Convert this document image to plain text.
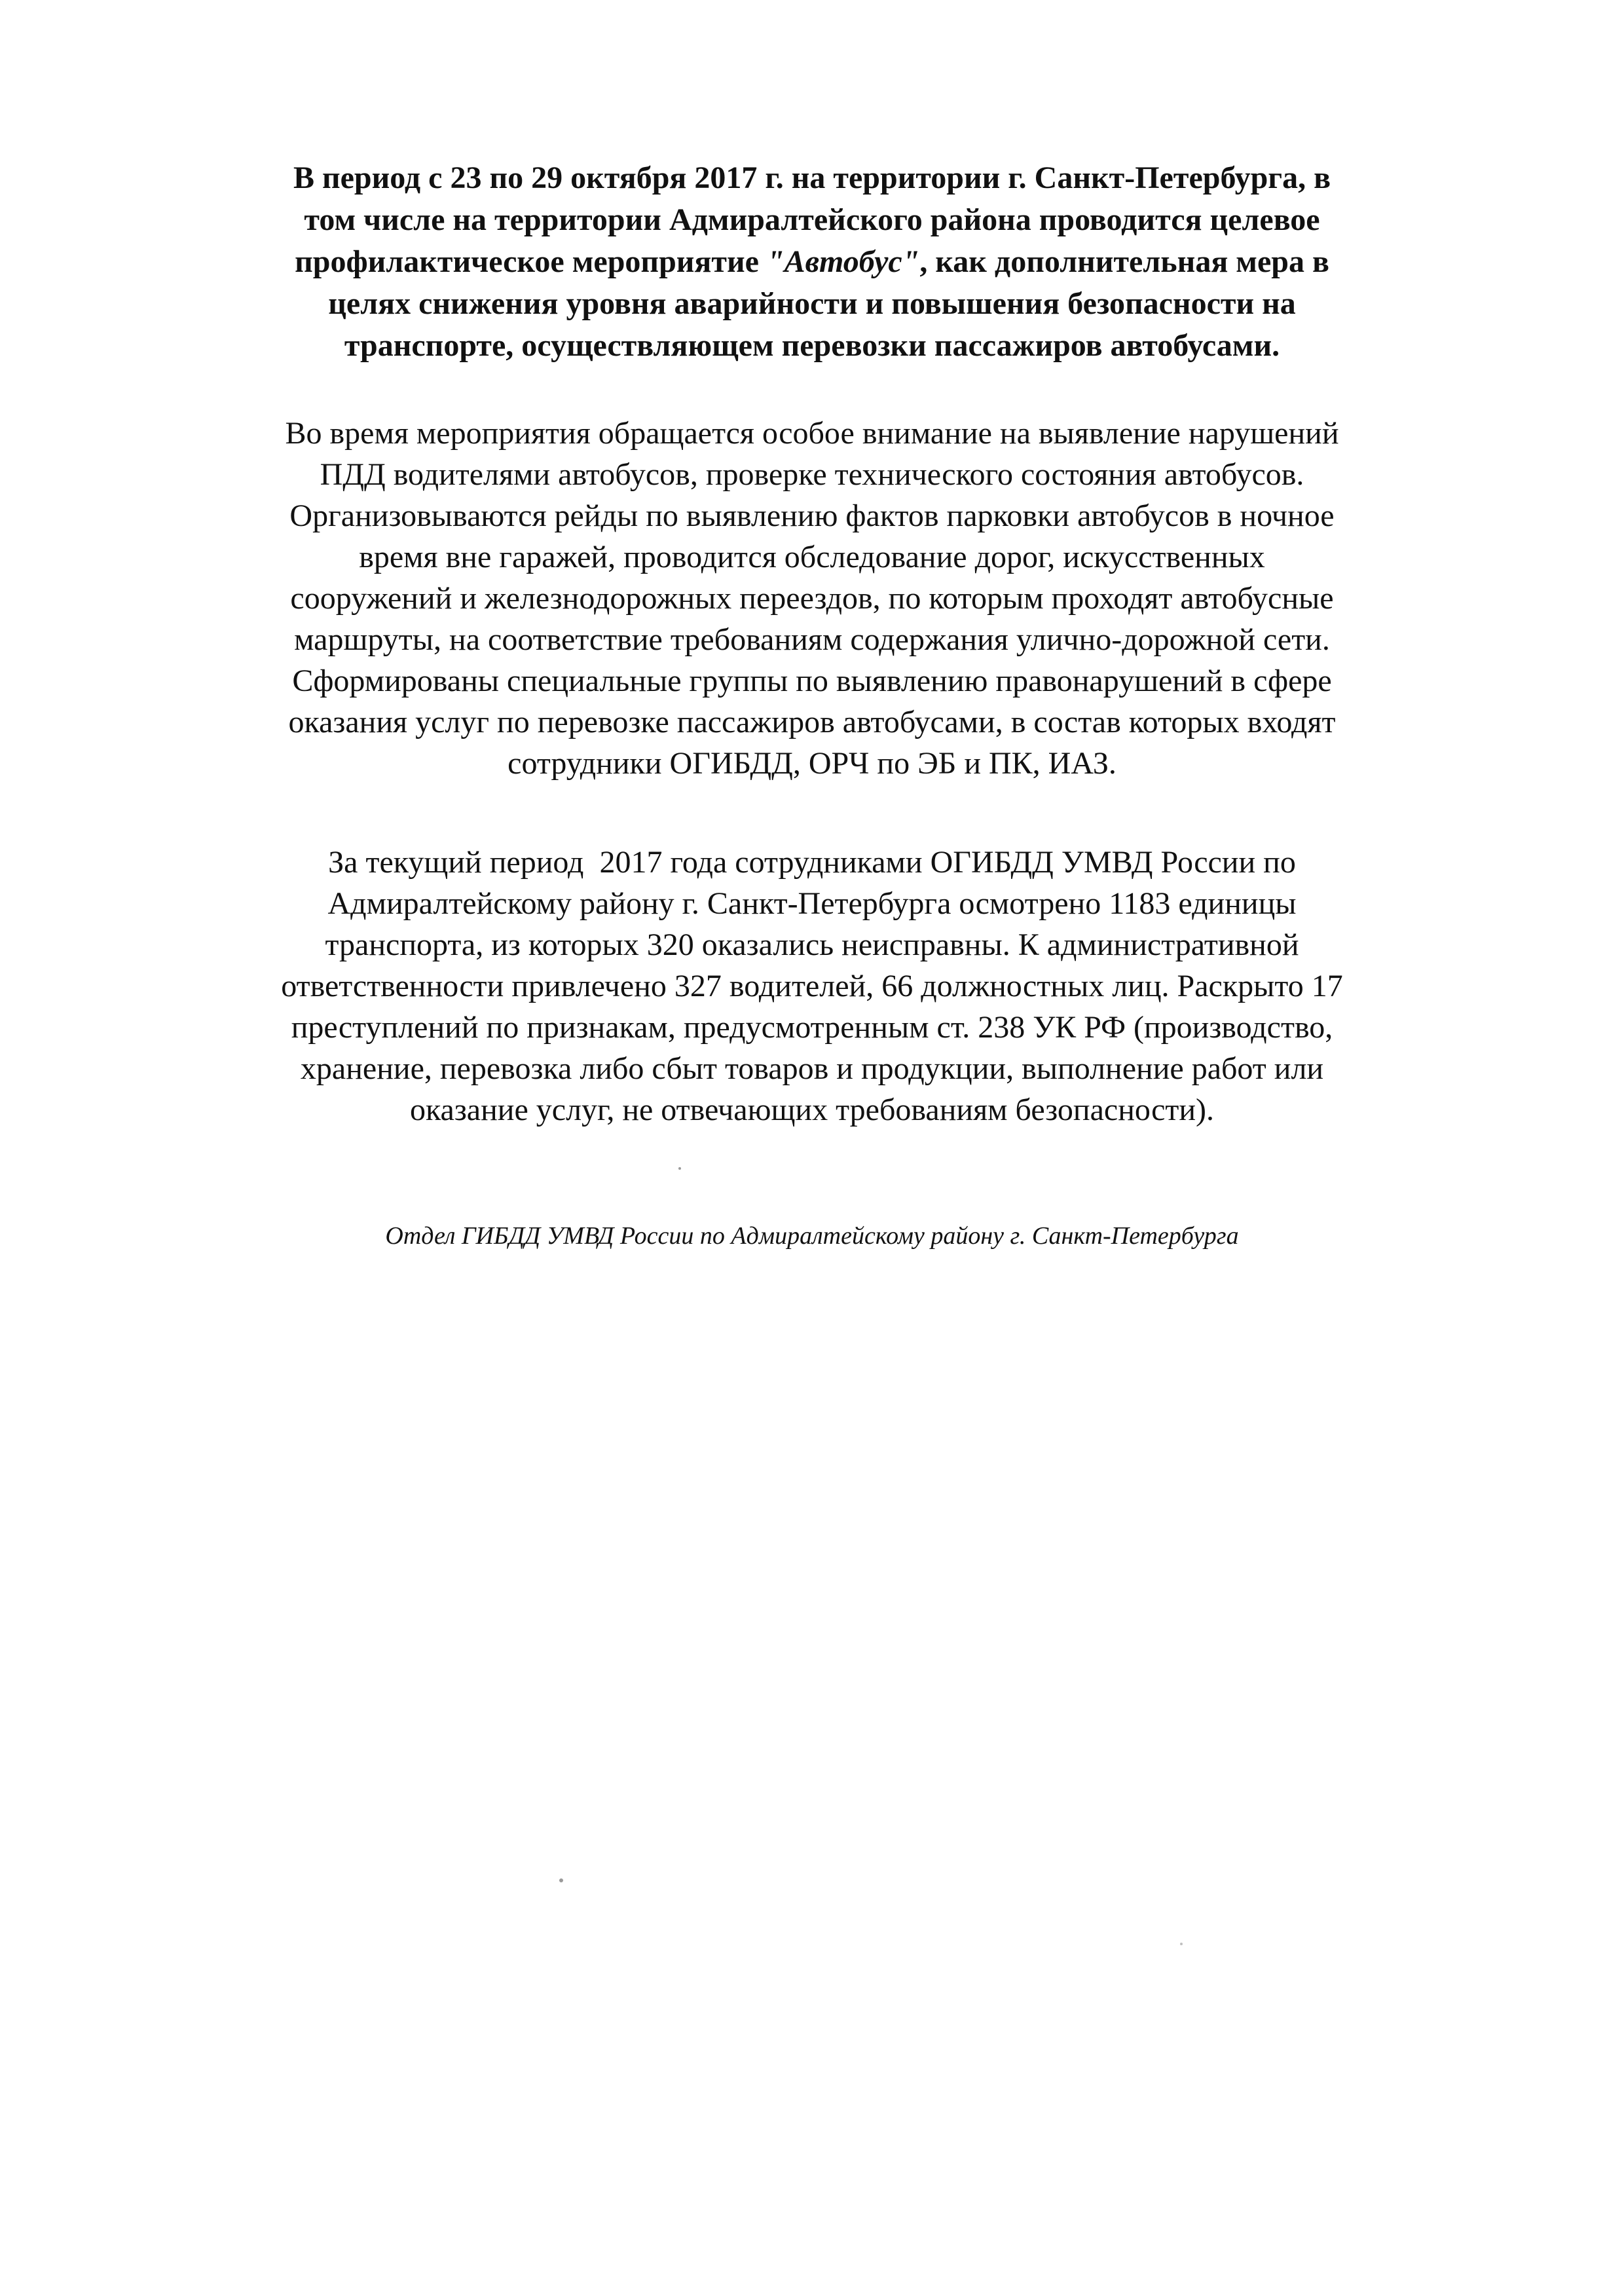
В период с 23 по 29 октября 2017 г. на территории г. Санкт-Петербурга, в
том числе на территории Адмиралтейского района проводится целевое
профилактическое мероприятие "Автобус", как дополнительная мера в
целях снижения уровня аварийности и повышения безопасности на
транспорте, осуществляющем перевозки пассажиров автобусами.

Во время мероприятия обращается особое внимание на выявление нарушений
ПДД водителями автобусов, проверке технического состояния автобусов.
Организовываются рейды по выявлению фактов парковки автобусов в ночное
время вне гаражей, проводится обследование дорог, искусственных
сооружений и железнодорожных переездов, по которым проходят автобусные
маршруты, на соответствие требованиям содержания улично-дорожной сети.
Сформированы специальные группы по выявлению правонарушений в сфере
оказания услуг по перевозке пассажиров автобусами, в состав которых входят
сотрудники ОГИБДД, ОРЧ по ЭБ и ПК, ИАЗ.

За текущий период  2017 года сотрудниками ОГИБДД УМВД России по
Адмиралтейскому району г. Санкт-Петербурга осмотрено 1183 единицы
транспорта, из которых 320 оказались неисправны. К административной
ответственности привлечено 327 водителей, 66 должностных лиц. Раскрыто 17
преступлений по признакам, предусмотренным ст. 238 УК РФ (производство,
хранение, перевозка либо сбыт товаров и продукции, выполнение работ или
оказание услуг, не отвечающих требованиям безопасности).

Отдел ГИБДД УМВД России по Адмиралтейскому району г. Санкт-Петербурга
